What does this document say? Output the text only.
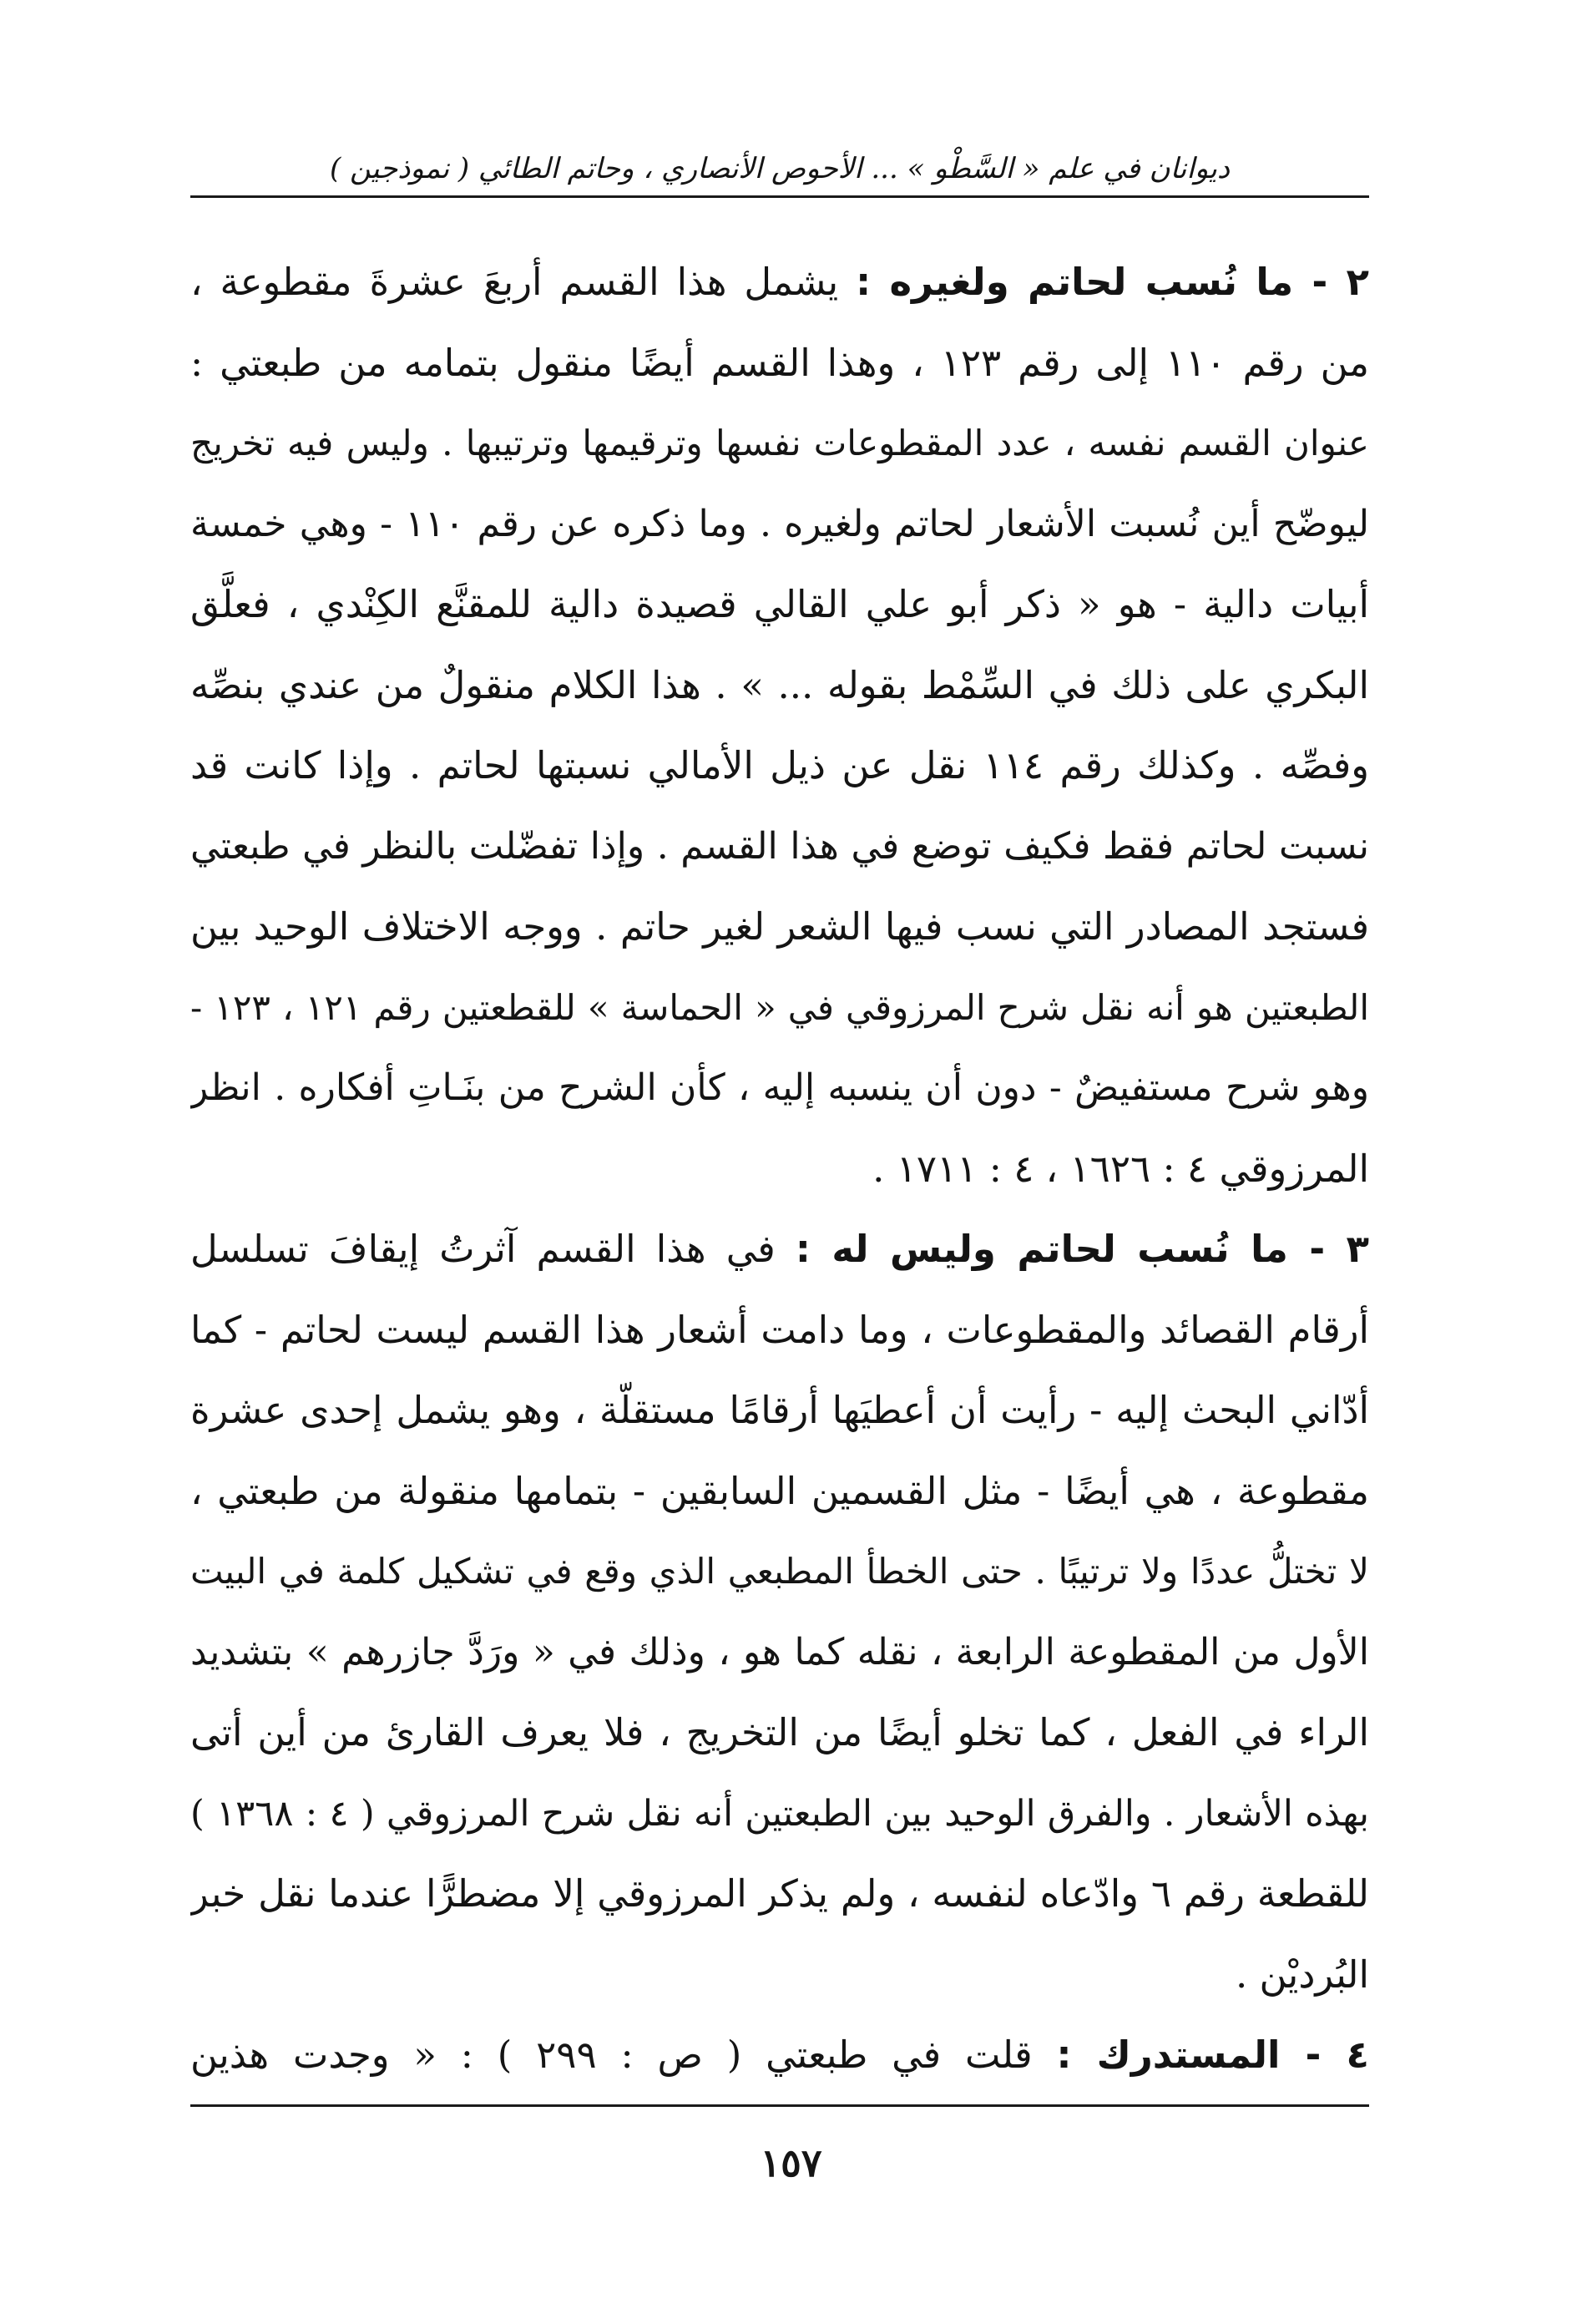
ديوانان في علم « السَّطْو » ... الأحوص الأنصاري ، وحاتم الطائي ( نموذجين )
٢ - ما نُسب لحاتم ولغيره : يشمل هذا القسم أربعَ عشرةَ مقطوعة ،
من رقم ١١٠ إلى رقم ١٢٣ ، وهذا القسم أيضًا منقول بتمامه من طبعتي :
عنوان القسم نفسه ، عدد المقطوعات نفسها وترقيمها وترتيبها . وليس فيه تخريج
ليوضّح أين نُسبت الأشعار لحاتم ولغيره . وما ذكره عن رقم ١١٠ - وهي خمسة
أبيات دالية - هو « ذكر أبو علي القالي قصيدة دالية للمقنَّع الكِنْدي ، فعلَّق
البكري على ذلك في السِّمْط بقوله ... » . هذا الكلام منقولٌ من عندي بنصِّه
وفصِّه . وكذلك رقم ١١٤ نقل عن ذيل الأمالي نسبتها لحاتم . وإذا كانت قد
نسبت لحاتم فقط فكيف توضع في هذا القسم . وإذا تفضّلت بالنظر في طبعتي
فستجد المصادر التي نسب فيها الشعر لغير حاتم . ووجه الاختلاف الوحيد بين
الطبعتين هو أنه نقل شرح المرزوقي في « الحماسة » للقطعتين رقم ١٢١ ، ١٢٣ -
وهو شرح مستفيضٌ - دون أن ينسبه إليه ، كأن الشرح من بنَـاتِ أفكاره . انظر
المرزوقي ٤ : ١٦٢٦ ، ٤ : ١٧١١ .
٣ - ما نُسب لحاتم وليس له : في هذا القسم آثرتُ إيقافَ تسلسل
أرقام القصائد والمقطوعات ، وما دامت أشعار هذا القسم ليست لحاتم - كما
أدّاني البحث إليه - رأيت أن أعطيَها أرقامًا مستقلّة ، وهو يشمل إحدى عشرة
مقطوعة ، هي أيضًا - مثل القسمين السابقين - بتمامها منقولة من طبعتي ،
لا تختلُّ عددًا ولا ترتيبًا . حتى الخطأ المطبعي الذي وقع في تشكيل كلمة في البيت
الأول من المقطوعة الرابعة ، نقله كما هو ، وذلك في « ورَدَّ جازرهم » بتشديد
الراء في الفعل ، كما تخلو أيضًا من التخريج ، فلا يعرف القارئ من أين أتى
بهذه الأشعار . والفرق الوحيد بين الطبعتين أنه نقل شرح المرزوقي ( ٤ : ١٣٦٨ )
للقطعة رقم ٦ وادّعاه لنفسه ، ولم يذكر المرزوقي إلا مضطرًّا عندما نقل خبر
البُرديْن .
٤ - المستدرك : قلت في طبعتي ( ص : ٢٩٩ ) : « وجدت هذين
١٥٧
